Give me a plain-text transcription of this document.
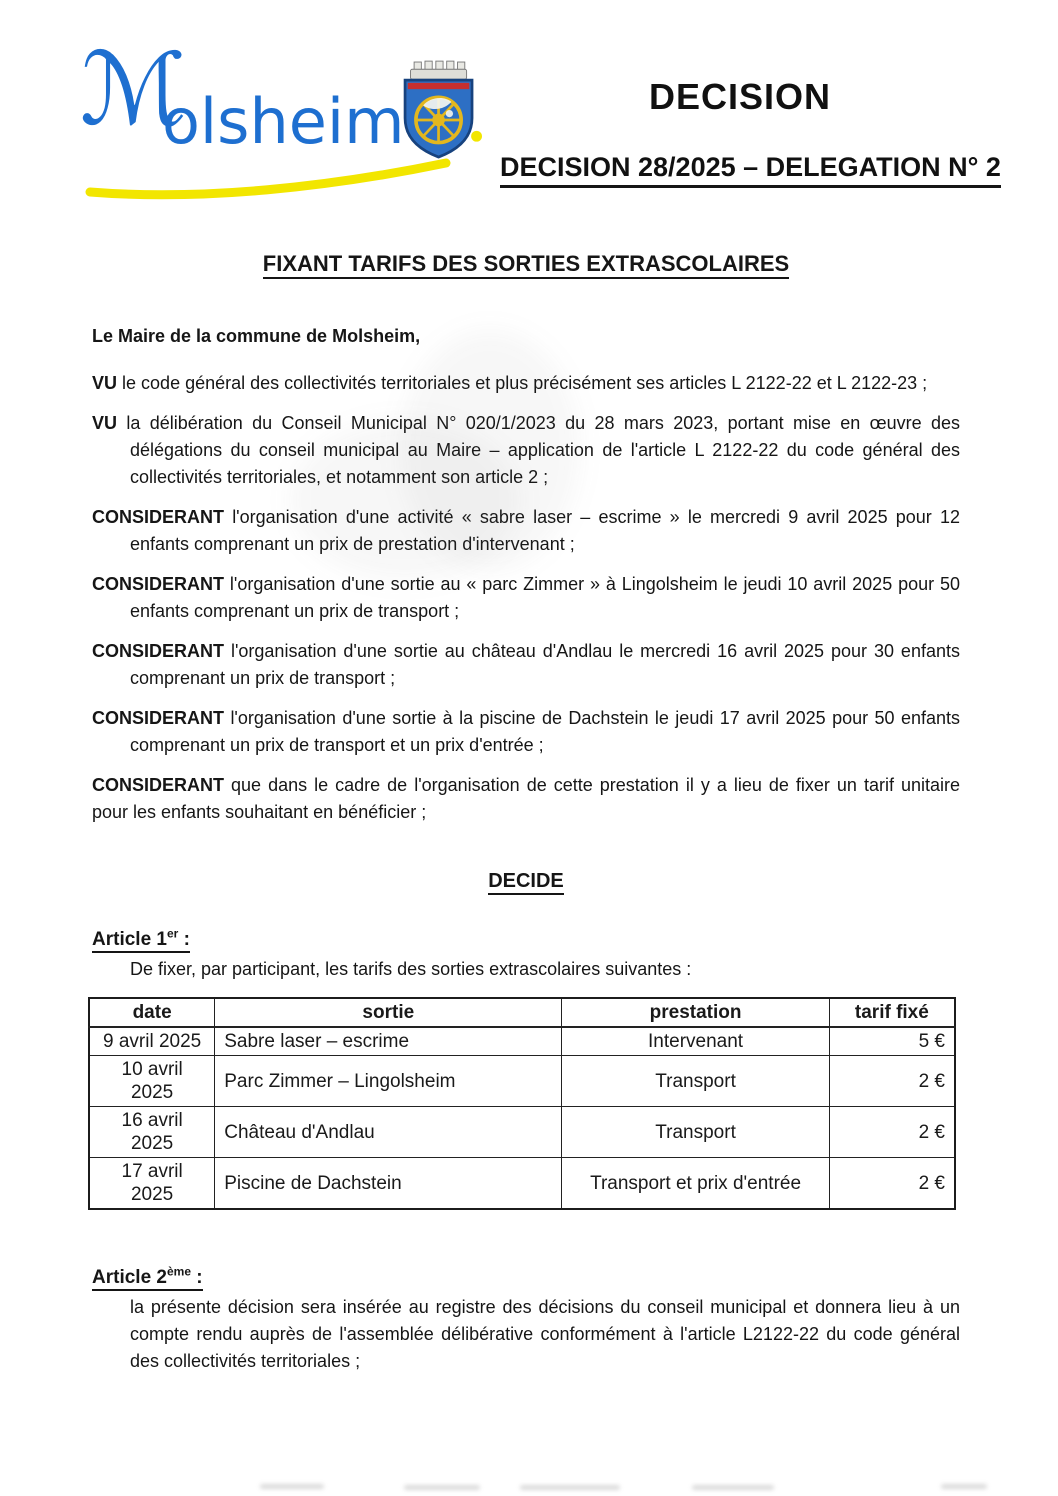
ℳ
olsheim	DECISION
DECISION 28/2025 – DELEGATION N° 2
FIXANT TARIFS DES SORTIES EXTRASCOLAIRES

Le Maire de la commune de Molsheim,

VU le code général des collectivités territoriales et plus précisément ses articles L 2122-22 et L 2122-23 ;

VU la délibération du Conseil Municipal N° 020/1/2023 du 28 mars 2023, portant mise en œuvre des délégations du conseil municipal au Maire – application de l'article L 2122-22 du code général des collectivités territoriales, et notamment son article 2 ;

CONSIDERANT l'organisation d'une activité « sabre laser – escrime » le mercredi 9 avril 2025 pour 12 enfants comprenant un prix de prestation d'intervenant ;

CONSIDERANT l'organisation d'une sortie au « parc Zimmer » à Lingolsheim le jeudi 10 avril 2025 pour 50 enfants comprenant un prix de transport ;

CONSIDERANT l'organisation d'une sortie au château d'Andlau le mercredi 16 avril 2025 pour 30 enfants comprenant un prix de transport ;

CONSIDERANT l'organisation d'une sortie à la piscine de Dachstein le jeudi 17 avril 2025 pour 50 enfants comprenant un prix de transport et un prix d'entrée ;

CONSIDERANT que dans le cadre de l'organisation de cette prestation il y a lieu de fixer un tarif unitaire pour les enfants souhaitant en bénéficier ;

DECIDE
Article 1er :

De fixer, par participant, les tarifs des sorties extrascolaires suivantes :

date	sortie	prestation	tarif fixé
9 avril 2025	Sabre laser – escrime	Intervenant	5 €
10 avril 2025	Parc Zimmer – Lingolsheim	Transport	2 €
16 avril 2025	Château d'Andlau	Transport	2 €
17 avril 2025	Piscine de Dachstein	Transport et prix d'entrée	2 €
Article 2ème :

la présente décision sera insérée au registre des décisions du conseil municipal et donnera lieu à un compte rendu auprès de l'assemblée délibérative conformément à l'article L2122-22 du code général des collectivités territoriales ;
